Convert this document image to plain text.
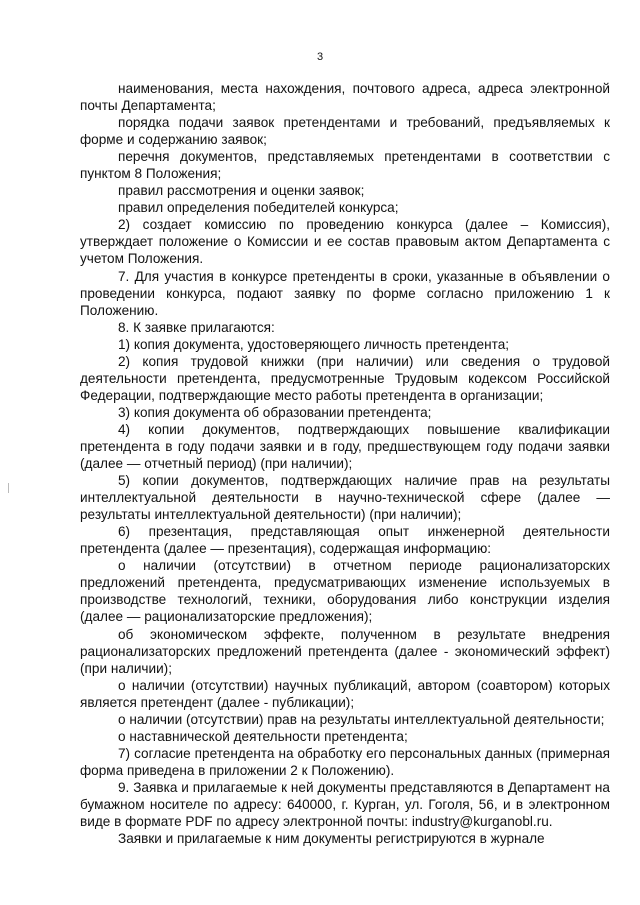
3

наименования, места нахождения, почтового адреса, адреса электронной почты Департамента;

порядка подачи заявок претендентами и требований, предъявляемых к форме и содержанию заявок;

перечня документов, представляемых претендентами в соответствии с пунктом 8 Положения;

правил рассмотрения и оценки заявок;

правил определения победителей конкурса;

2) создает комиссию по проведению конкурса (далее – Комиссия), утверждает положение о Комиссии и ее состав правовым актом Департамента с учетом Положения.

7. Для участия в конкурсе претенденты в сроки, указанные в объявлении о проведении конкурса, подают заявку по форме согласно приложению 1 к Положению.

8. К заявке прилагаются:

1) копия документа, удостоверяющего личность претендента;

2) копия трудовой книжки (при наличии) или сведения о трудовой деятельности претендента, предусмотренные Трудовым кодексом Российской Федерации, подтверждающие место работы претендента в организации;

3) копия документа об образовании претендента;

4) копии документов, подтверждающих повышение квалификации претендента в году подачи заявки и в году, предшествующем году подачи заявки (далее — отчетный период) (при наличии);

5) копии документов, подтверждающих наличие прав на результаты интеллектуальной деятельности в научно-технической сфере (далее — результаты интеллектуальной деятельности) (при наличии);

6) презентация, представляющая опыт инженерной деятельности претендента (далее — презентация), содержащая информацию:

о наличии (отсутствии) в отчетном периоде рационализаторских предложений претендента, предусматривающих изменение используемых в производстве технологий, техники, оборудования либо конструкции изделия (далее — рационализаторские предложения);

об экономическом эффекте, полученном в результате внедрения рационализаторских предложений претендента (далее - экономический эффект) (при наличии);

о наличии (отсутствии) научных публикаций, автором (соавтором) которых является претендент (далее - публикации);

о наличии (отсутствии) прав на результаты интеллектуальной деятельности;

о наставнической деятельности претендента;

7) согласие претендента на обработку его персональных данных (примерная форма приведена в приложении 2 к Положению).

9. Заявка и прилагаемые к ней документы представляются в Департамент на бумажном носителе по адресу: 640000, г. Курган, ул. Гоголя, 56, и в электронном виде в формате PDF по адресу электронной почты: industry@kurganobl.ru.

Заявки и прилагаемые к ним документы регистрируются в журнале
